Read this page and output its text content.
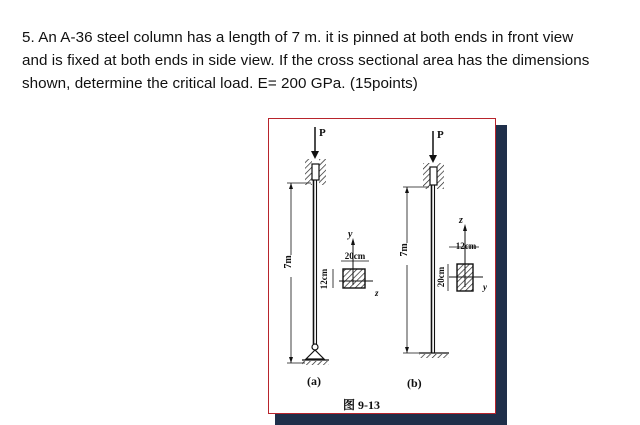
5. An A-36 steel column has a length of 7 m. it is pinned at both ends in front view
and is fixed at both ends in side view. If the cross sectional area has the dimensions
shown, determine the critical load. E= 200 GPa. (15points)
P
7m
y
z
20cm
12cm
(a)
P
7m
z
y
12cm
20cm
(b)
图 9-13
